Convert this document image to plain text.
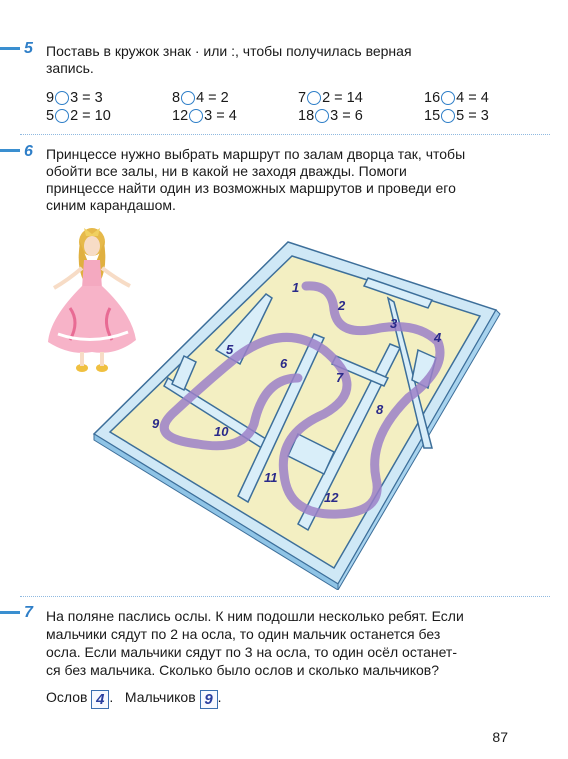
5 Поставь в кружок знак · или :, чтобы получилась верная
запись.
9 3 = 3	8 4 = 2	7 2 = 14	16 4 = 4
5 2 = 10	12 3 = 4	18 3 = 6	15 5 = 3
6 Принцессе нужно выбрать маршрут по залам дворца так, чтобы
обойти все залы, ни в какой не заходя дважды. Помоги
принцессе найти один из возможных маршрутов и проведи его
синим карандашом.
1
2
3
4
5
6
7
8
9
10
11
12
7 На поляне паслись ослы. К ним подошли несколько ребят. Если
мальчики сядут по 2 на осла, то один мальчик останется без
осла. Если мальчики сядут по 3 на осла, то один осёл останет-
ся без мальчика. Сколько было ослов и сколько мальчиков?
Ослов 4 .   Мальчиков 9 .
87
